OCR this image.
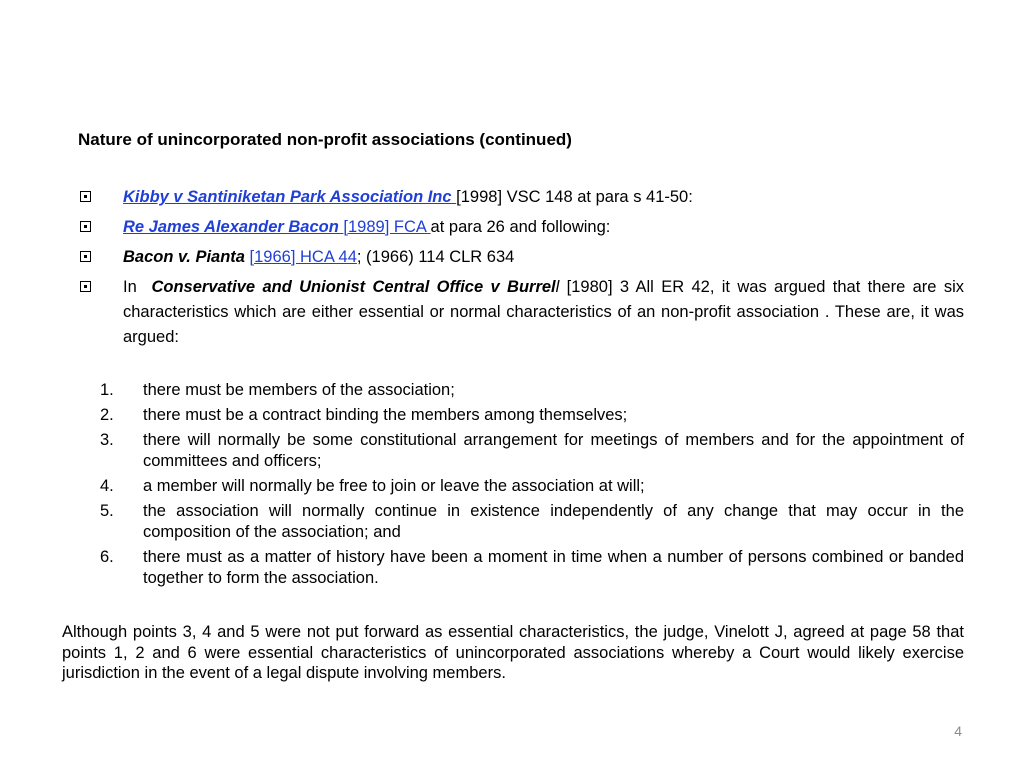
Nature of unincorporated non-profit associations (continued)
Kibby v Santiniketan Park Association Inc [1998] VSC 148 at para s 41-50:
Re James Alexander Bacon [1989] FCA at para 26 and following:
Bacon v. Pianta [1966] HCA 44; (1966) 114 CLR 634
In  Conservative and Unionist Central Office v Burrell [1980] 3 All ER 42, it was argued that there are six characteristics which are either essential or normal characteristics of an non-profit association . These are, it was argued:
1. there must be members of the association;
2. there must be a contract binding the members among themselves;
3. there will normally be some constitutional arrangement for meetings of members and for the appointment of committees and officers;
4. a member will normally be free to join or leave the association at will;
5. the association will normally continue in existence independently of any change that may occur in the composition of the association; and
6. there must as a matter of history have been a moment in time when a number of persons combined or banded together to form the association.
Although points 3, 4 and 5 were not put forward as essential characteristics, the judge, Vinelott J, agreed at page 58 that points 1, 2 and 6 were essential characteristics of unincorporated associations whereby a Court would likely exercise jurisdiction in the event of a legal dispute involving members.
4
